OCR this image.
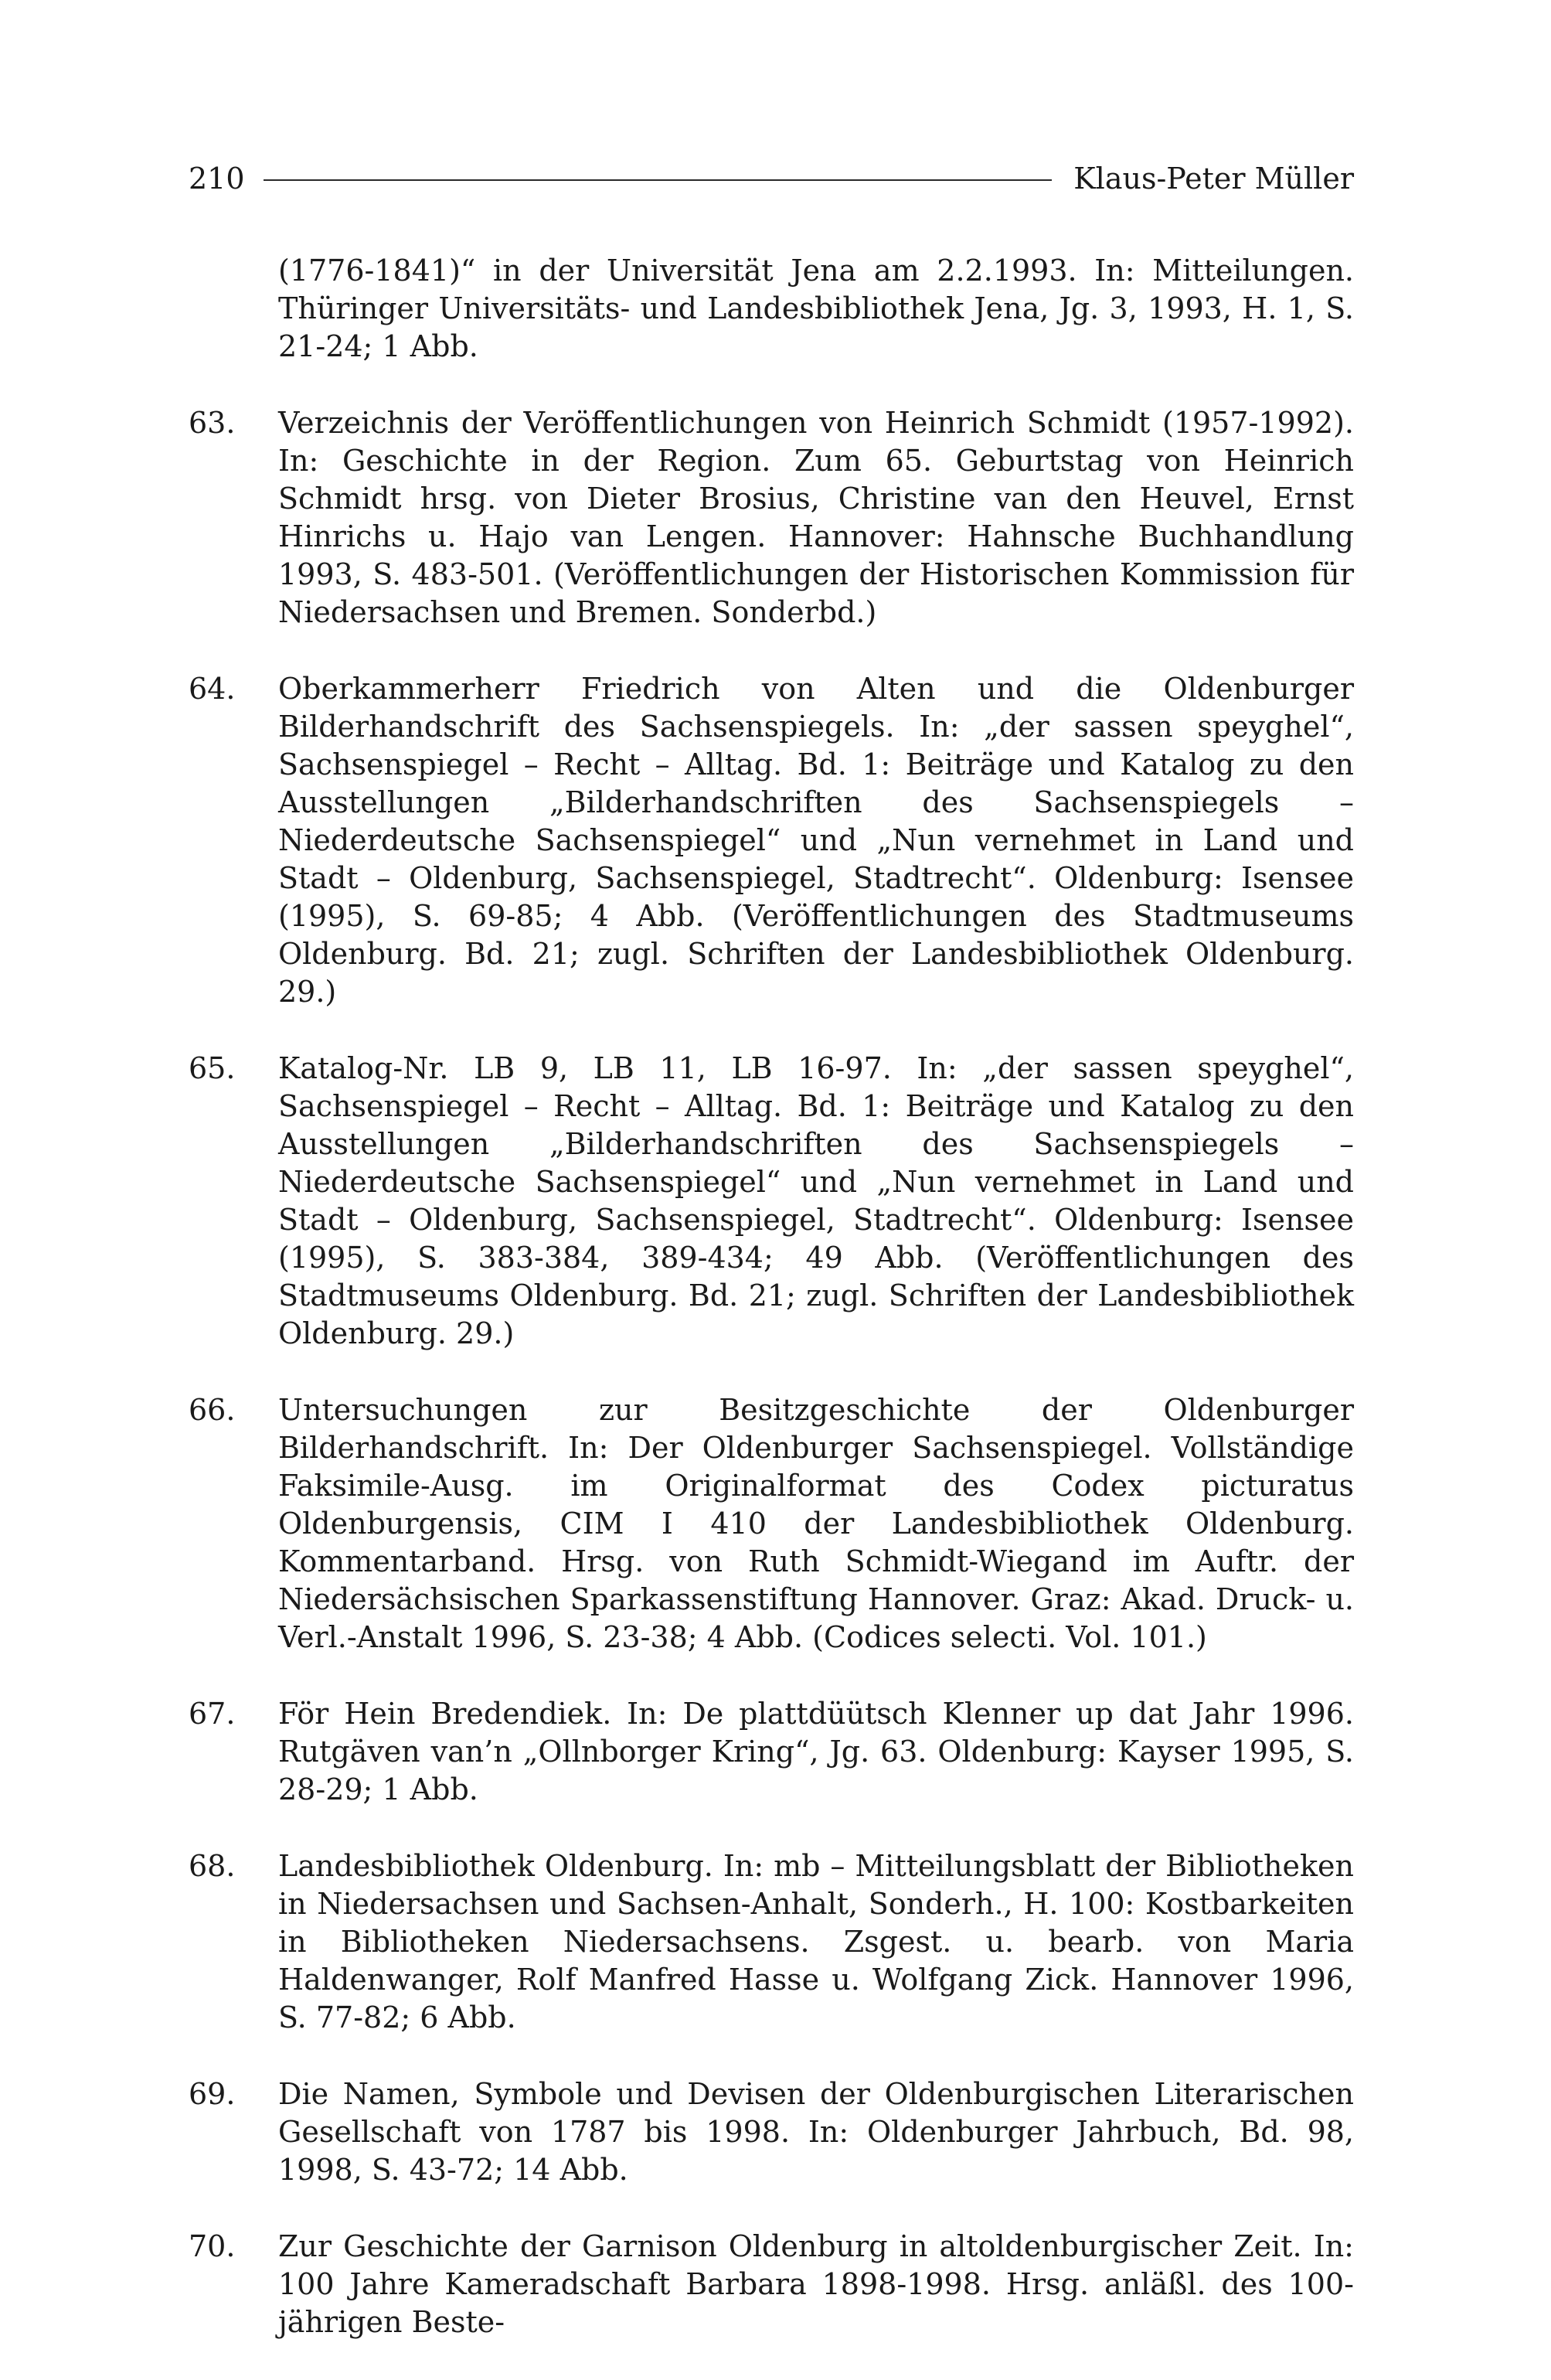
210	Klaus-Peter Müller

(1776-1841)“ in der Universität Jena am 2.2.1993. In: Mitteilungen. Thüringer Universitäts- und Landesbibliothek Jena, Jg. 3, 1993, H. 1, S. 21-24; 1 Abb.

63.	Verzeichnis der Veröffentlichungen von Heinrich Schmidt (1957-1992). In: Geschichte in der Region. Zum 65. Geburtstag von Heinrich Schmidt hrsg. von Dieter Brosius, Christine van den Heuvel, Ernst Hinrichs u. Hajo van Lengen. Hannover: Hahnsche Buchhandlung 1993, S. 483-501. (Veröffentlichungen der Historischen Kommission für Niedersachsen und Bremen. Sonderbd.)
64.	Oberkammerherr Friedrich von Alten und die Oldenburger Bilderhandschrift des Sachsenspiegels. In: „der sassen speyghel“, Sachsenspiegel – Recht – Alltag. Bd. 1: Beiträge und Katalog zu den Ausstellungen „Bilderhandschriften des Sachsenspiegels – Niederdeutsche Sachsenspiegel“ und „Nun vernehmet in Land und Stadt – Oldenburg, Sachsenspiegel, Stadtrecht“. Oldenburg: Isensee (1995), S. 69-85; 4 Abb. (Veröffentlichungen des Stadtmuseums Oldenburg. Bd. 21; zugl. Schriften der Landesbibliothek Oldenburg. 29.)
65.	Katalog-Nr. LB 9, LB 11, LB 16-97. In: „der sassen speyghel“, Sachsenspiegel – Recht – Alltag. Bd. 1: Beiträge und Katalog zu den Ausstellungen „Bilderhandschriften des Sachsenspiegels – Niederdeutsche Sachsenspiegel“ und „Nun vernehmet in Land und Stadt – Oldenburg, Sachsenspiegel, Stadtrecht“. Oldenburg: Isensee (1995), S. 383-384, 389-434; 49 Abb. (Veröffentlichungen des Stadtmuseums Oldenburg. Bd. 21; zugl. Schriften der Landesbibliothek Oldenburg. 29.)
66.	Untersuchungen zur Besitzgeschichte der Oldenburger Bilderhandschrift. In: Der Oldenburger Sachsenspiegel. Vollständige Faksimile-Ausg. im Originalformat des Codex picturatus Oldenburgensis, CIM I 410 der Landesbibliothek Oldenburg. Kommentarband. Hrsg. von Ruth Schmidt-Wiegand im Auftr. der Niedersächsischen Sparkassenstiftung Hannover. Graz: Akad. Druck- u. Verl.-Anstalt 1996, S. 23-38; 4 Abb. (Codices selecti. Vol. 101.)
67.	För Hein Bredendiek. In: De plattdüütsch Klenner up dat Jahr 1996. Rutgäven van’n „Ollnborger Kring“, Jg. 63. Oldenburg: Kayser 1995, S. 28-29; 1 Abb.
68.	Landesbibliothek Oldenburg. In: mb – Mitteilungsblatt der Bibliotheken in Niedersachsen und Sachsen-Anhalt, Sonderh., H. 100: Kostbarkeiten in Bibliotheken Niedersachsens. Zsgest. u. bearb. von Maria Haldenwanger, Rolf Manfred Hasse u. Wolfgang Zick. Hannover 1996, S. 77-82; 6 Abb.
69.	Die Namen, Symbole und Devisen der Oldenburgischen Literarischen Gesellschaft von 1787 bis 1998. In: Oldenburger Jahrbuch, Bd. 98, 1998, S. 43-72; 14 Abb.
70.	Zur Geschichte der Garnison Oldenburg in altoldenburgischer Zeit. In: 100 Jahre Kameradschaft Barbara 1898-1998. Hrsg. anläßl. des 100-jährigen Beste-
